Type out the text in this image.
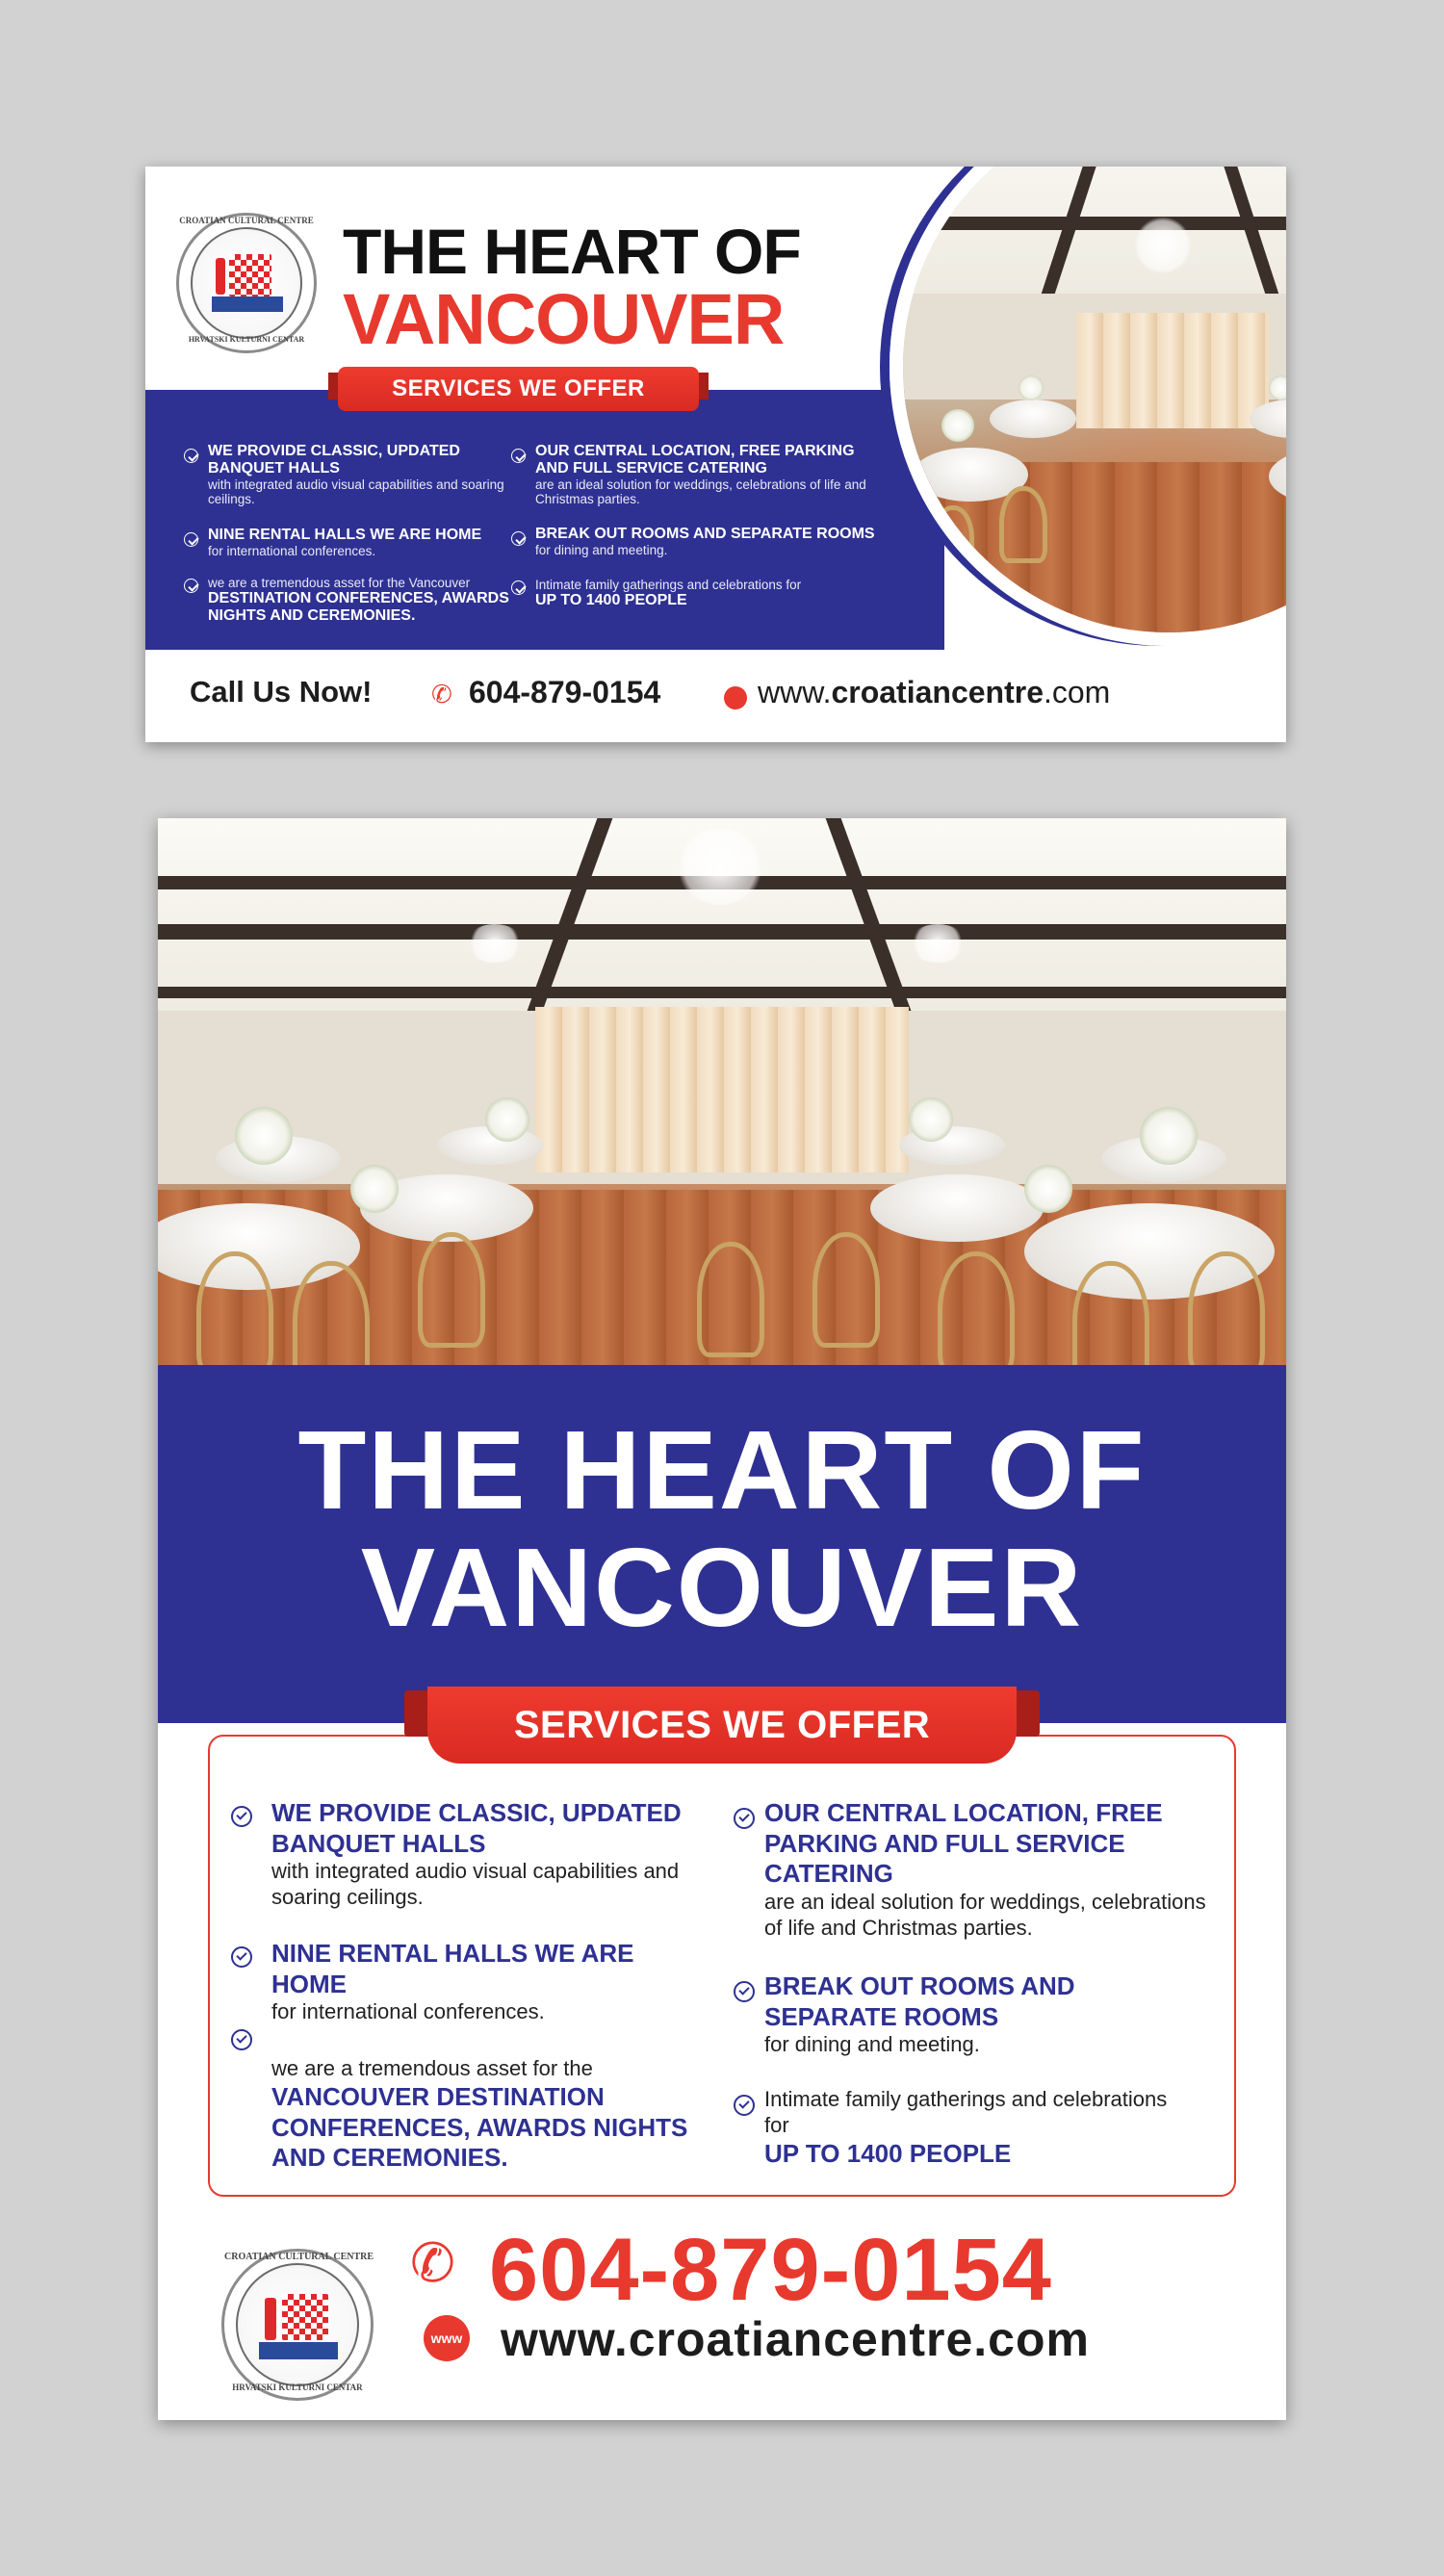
CROATIAN CULTURAL CENTRE
HRVATSKI KULTURNI CENTAR
THE HEART OF
VANCOUVER
SERVICES WE OFFER
WE PROVIDE CLASSIC, UPDATED BANQUET HALLS
with integrated audio visual capabilities and soaring ceilings.
NINE RENTAL HALLS WE ARE HOME
for international conferences.
we are a tremendous asset for the Vancouver
DESTINATION CONFERENCES, AWARDS NIGHTS AND CEREMONIES.
OUR CENTRAL LOCATION, FREE PARKING AND FULL SERVICE CATERING
are an ideal solution for weddings, celebrations of life and Christmas parties.
BREAK OUT ROOMS AND SEPARATE ROOMS
for dining and meeting.
Intimate family gatherings and celebrations for
UP TO 1400 PEOPLE
Call Us Now! ✆ 604-879-0154	www.croatiancentre.com
THE HEART OF
VANCOUVER
SERVICES WE OFFER
WE PROVIDE CLASSIC, UPDATED BANQUET HALLS
with integrated audio visual capabilities and soaring ceilings.
NINE RENTAL HALLS WE ARE HOME
for international conferences.
we are a tremendous asset for the
VANCOUVER DESTINATION CONFERENCES, AWARDS NIGHTS AND CEREMONIES.
OUR CENTRAL LOCATION, FREE PARKING AND FULL SERVICE CATERING
are an ideal solution for weddings, celebrations of life and Christmas parties.
BREAK OUT ROOMS AND SEPARATE ROOMS
for dining and meeting.
Intimate family gatherings and celebrations for
UP TO 1400 PEOPLE
CROATIAN CULTURAL CENTRE
HRVATSKI KULTURNI CENTAR
✆ 604-879-0154
www www.croatiancentre.com
